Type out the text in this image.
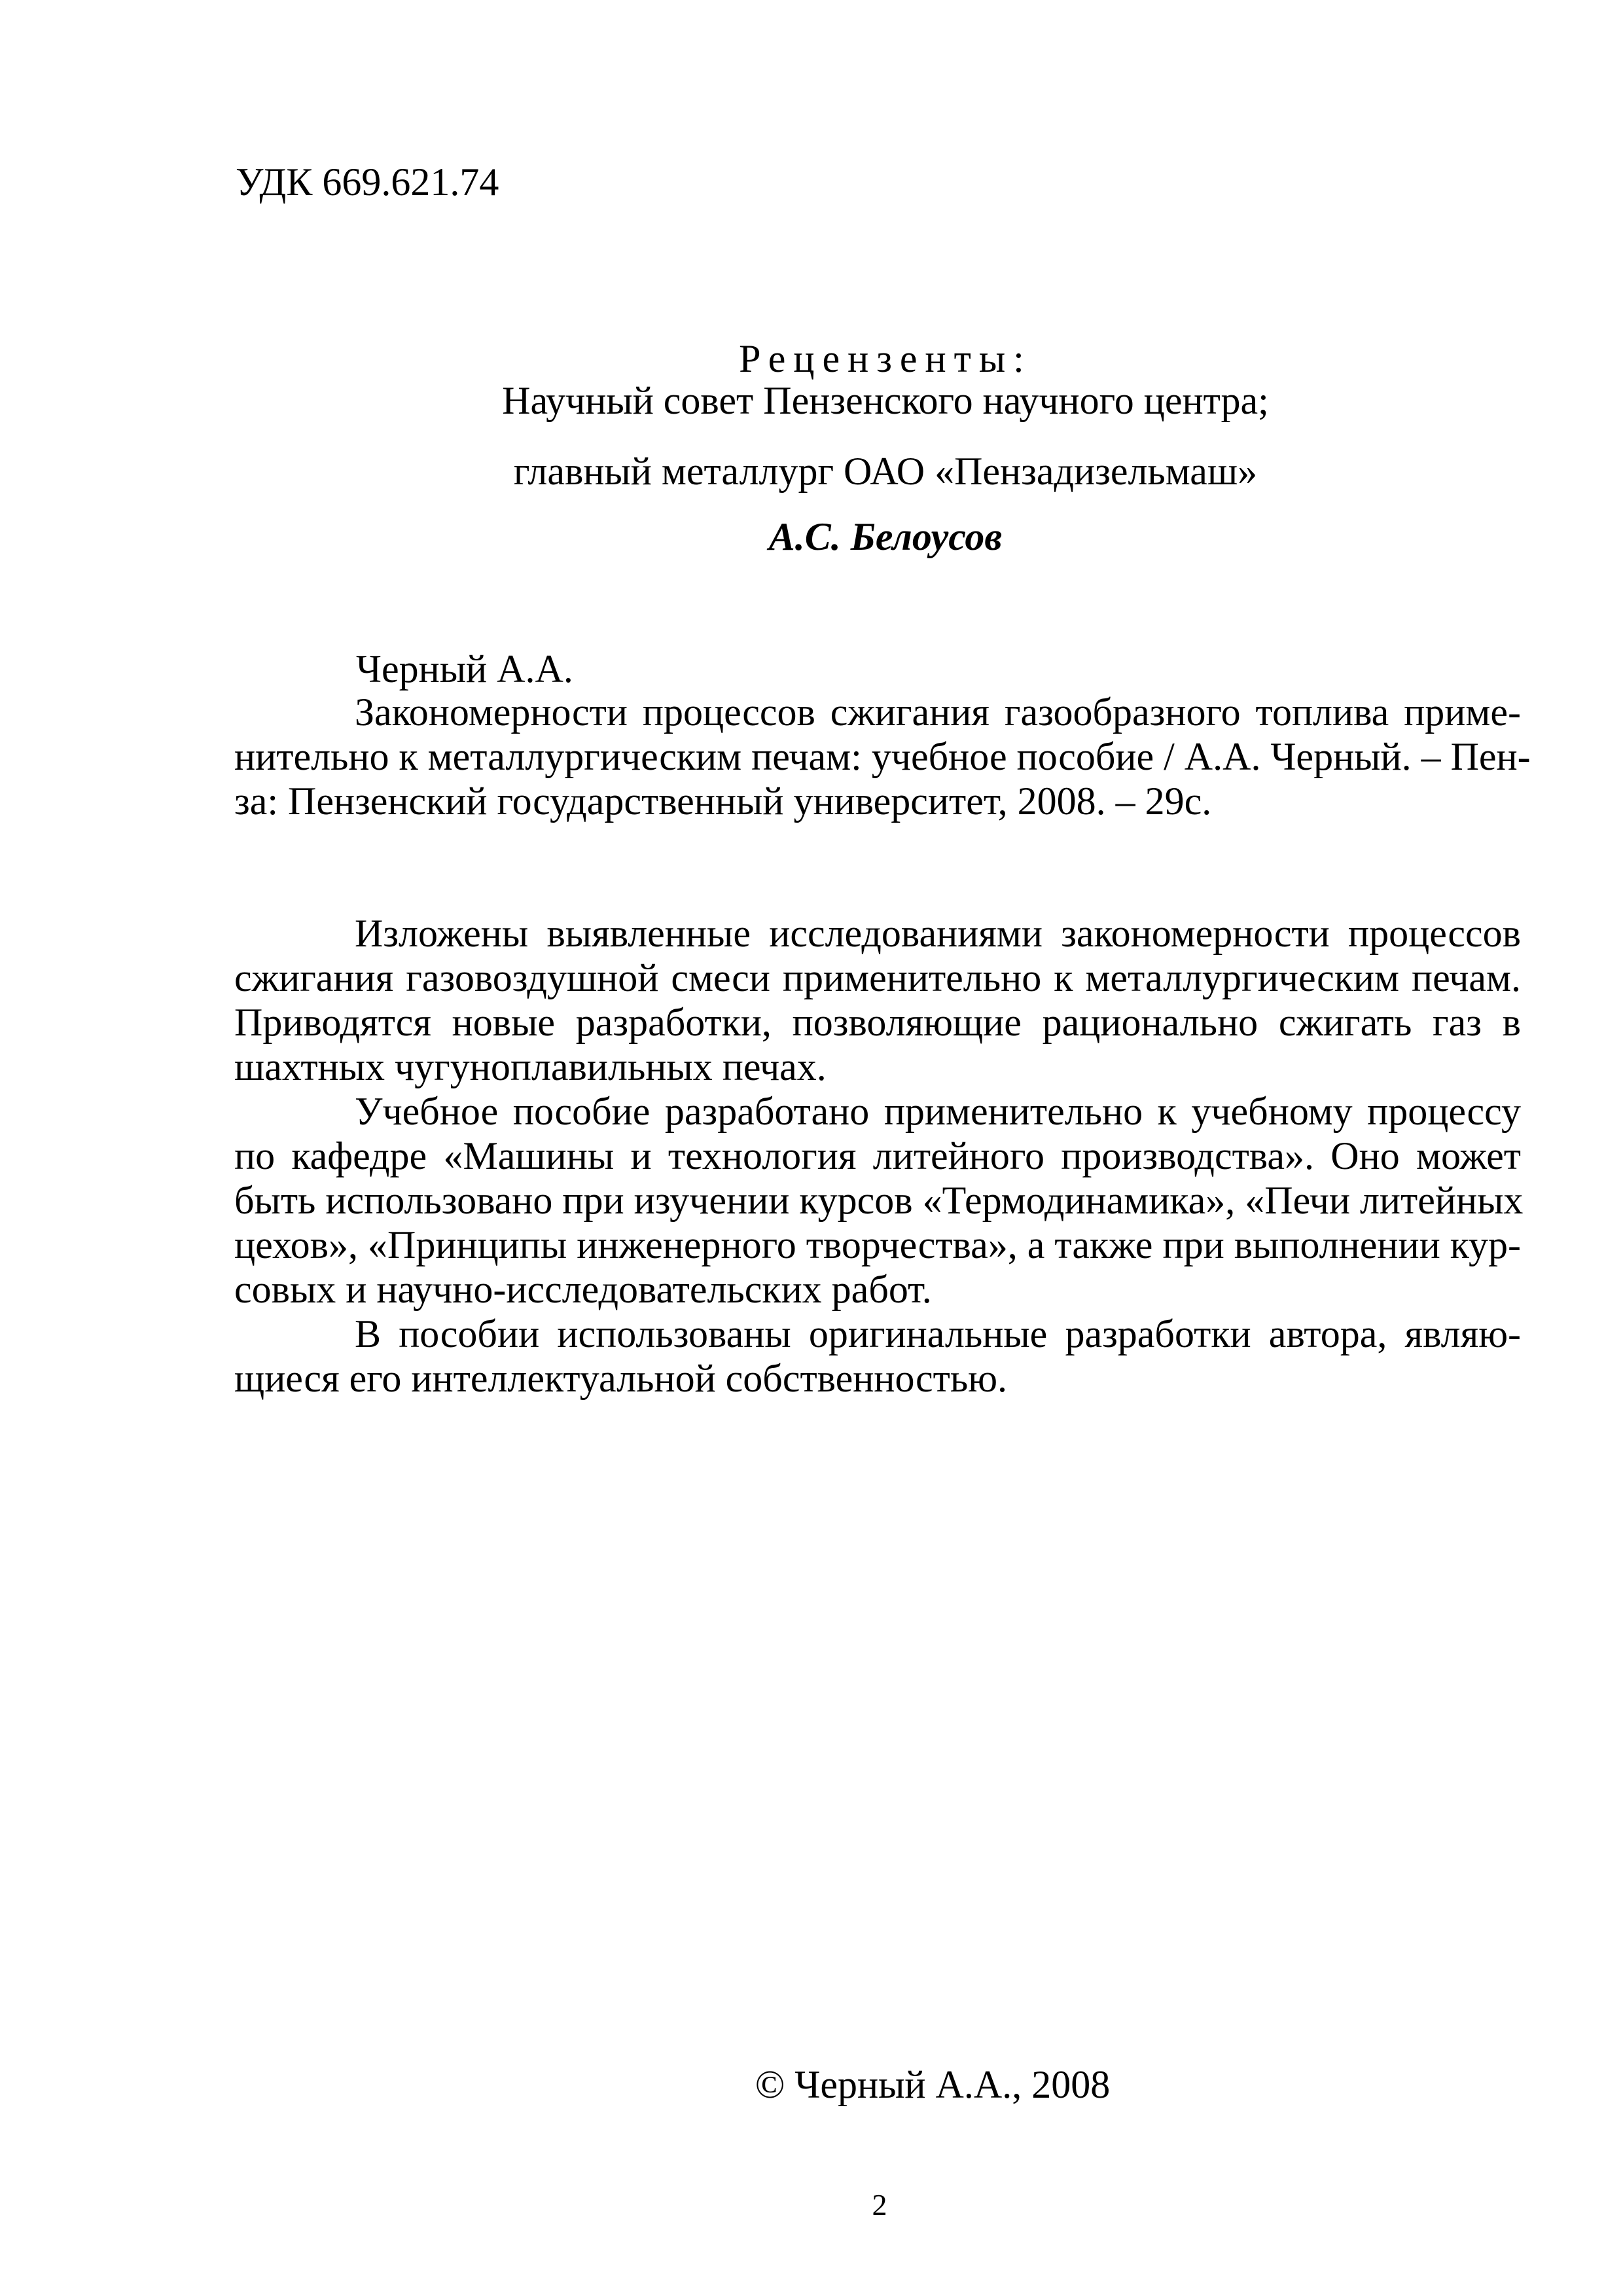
УДК 669.621.74
Рецензенты:
Научный совет Пензенского научного центра;
главный металлург ОАО «Пензадизельмаш»
А.С. Белоусов
Черный А.А.
Закономерности процессов сжигания газообразного топлива приме-
нительно к металлургическим печам: учебное пособие / А.А. Черный. – Пен-
за: Пензенский государственный университет, 2008. – 29с.
Изложены выявленные исследованиями закономерности процессов
сжигания газовоздушной смеси применительно к металлургическим печам.
Приводятся новые разработки, позволяющие рационально сжигать газ в
шахтных чугуноплавильных печах.
Учебное пособие разработано применительно к учебному процессу
по кафедре «Машины и технология литейного производства». Оно может
быть использовано при изучении курсов «Термодинамика», «Печи литейных
цехов», «Принципы инженерного творчества», а также при выполнении кур-
совых и научно-исследовательских работ.
В пособии использованы оригинальные разработки автора, являю-
щиеся его интеллектуальной собственностью.
© Черный А.А., 2008
2
